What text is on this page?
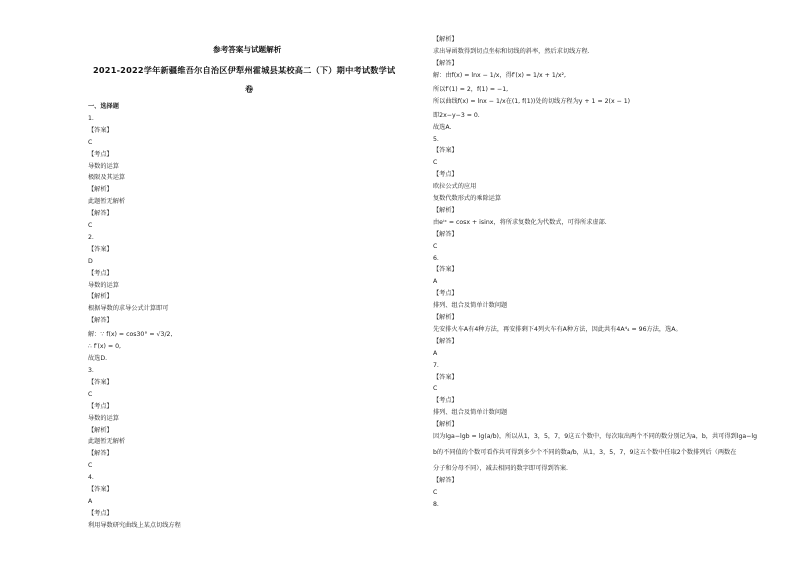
参考答案与试题解析
2021-2022学年新疆维吾尔自治区伊犁州霍城县某校高二（下）期中考试数学试
卷
一、选择题
1.
【答案】
C
【考点】
导数的运算
极限及其运算
【解析】
此题暂无解析
【解答】
C
2.
【答案】
D
【考点】
导数的运算
【解析】
根据导数的求导公式计算即可
【解答】
解：∵ f(x) = cos30° = √3/2,
∴ f′(x) = 0,
故选D.
3.
【答案】
C
【考点】
导数的运算
【解析】
此题暂无解析
【解答】
C
4.
【答案】
A
【考点】
利用导数研究曲线上某点切线方程
【解析】
求出导函数得到切点坐标和切线的斜率，然后求切线方程.
【解答】
解：由f(x) = lnx − 1/x，得f′(x) = 1/x + 1/x²,
所以f′(1) = 2，f(1) = −1,
所以曲线f(x) = lnx − 1/x在(1, f(1))处的切线方程为y + 1 = 2(x − 1)
即2x−y−3 = 0.
故选A.
5.
【答案】
C
【考点】
欧拉公式的应用
复数代数形式的乘除运算
【解析】
由eⁱˣ = cosx + isinx，将所求复数化为代数式，可得所求虚部.
【解答】
C
6.
【答案】
A
【考点】
排列、组合及简单计数问题
【解析】
先安排火车A有4种方法，再安排剩下4列火车有A种方法，因此共有4A⁴₄ = 96方法，选A。
【解答】
A
7.
【答案】
C
【考点】
排列、组合及简单计数问题
【解析】
因为lga−lgb = lg(a/b)，所以从1，3，5，7，9这五个数中，每次取出两个不同的数分别记为a，b，共可得到lga−lg
b的不同值的个数可看作共可得到多少个不同的数a/b，从1，3，5，7，9这五个数中任取2个数排列后（两数在
分子和分母不同），减去相同的数字即可得到答案.
【解答】
C
8.
